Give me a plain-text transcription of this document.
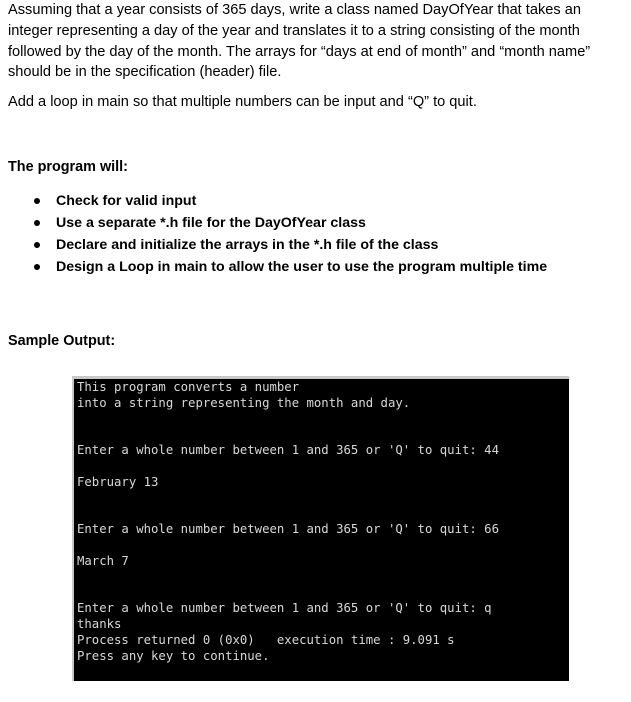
Assuming that a year consists of 365 days, write a class named DayOfYear that takes an integer representing a day of the year and translates it to a string consisting of the month followed by the day of the month. The arrays for “days at end of month” and “month name” should be in the specification (header) file.

Add a loop in main so that multiple numbers can be input and “Q” to quit.

The program will:

Check for valid input
Use a separate *.h file for the DayOfYear class
Declare and initialize the arrays in the *.h file of the class
Design a Loop in main to allow the user to use the program multiple time

Sample Output:

This program converts a number

into a string representing the month and day.

Enter a whole number between 1 and 365 or 'Q' to quit: 44

February 13

Enter a whole number between 1 and 365 or 'Q' to quit: 66

March 7

Enter a whole number between 1 and 365 or 'Q' to quit: q

thanks

Process returned 0 (0x0)   execution time : 9.091 s

Press any key to continue.
